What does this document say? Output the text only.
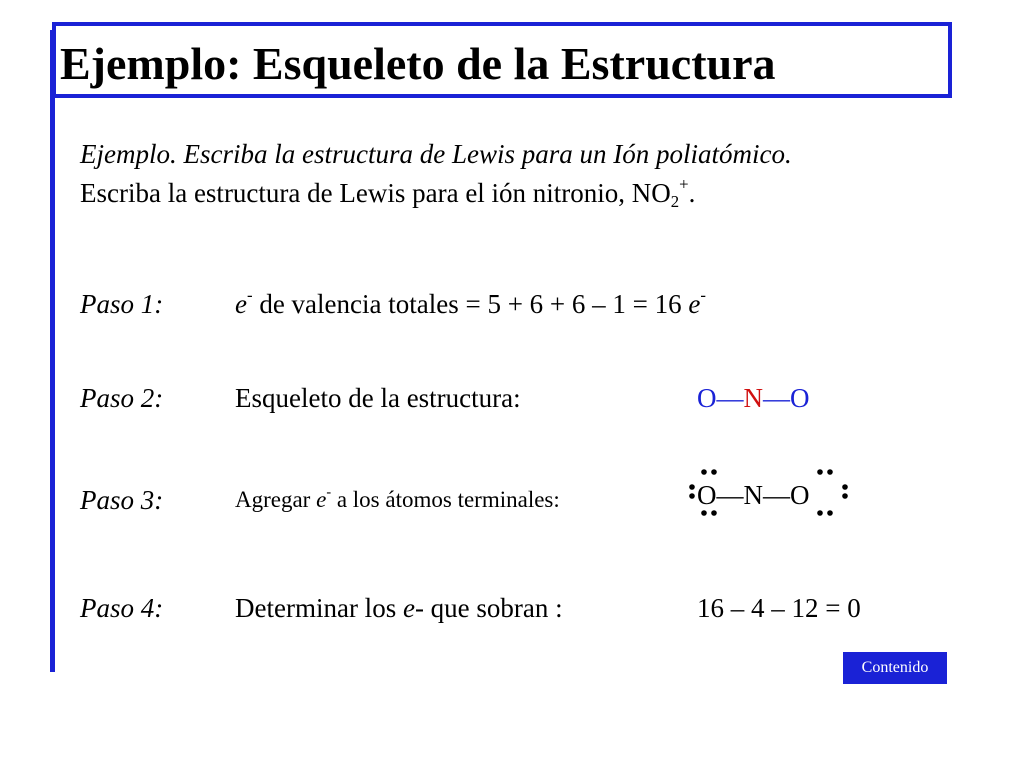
Ejemplo: Esqueleto de la Estructura
Ejemplo. Escriba la estructura de Lewis para un Ión poliatómico.
Escriba la estructura de Lewis para el ión nitronio, $NO_2^+$.
Paso 1:	e- de valencia totales = 5 + 6 + 6 – 1 = 16 e-
Paso 2:	Esqueleto de la estructura:	O—N—O
Paso 3:	Agregar e- a los átomos terminales:	O—N—O
Paso 4:	Determinar los e- que sobran :	16 – 4 – 12 = 0
Contenido
